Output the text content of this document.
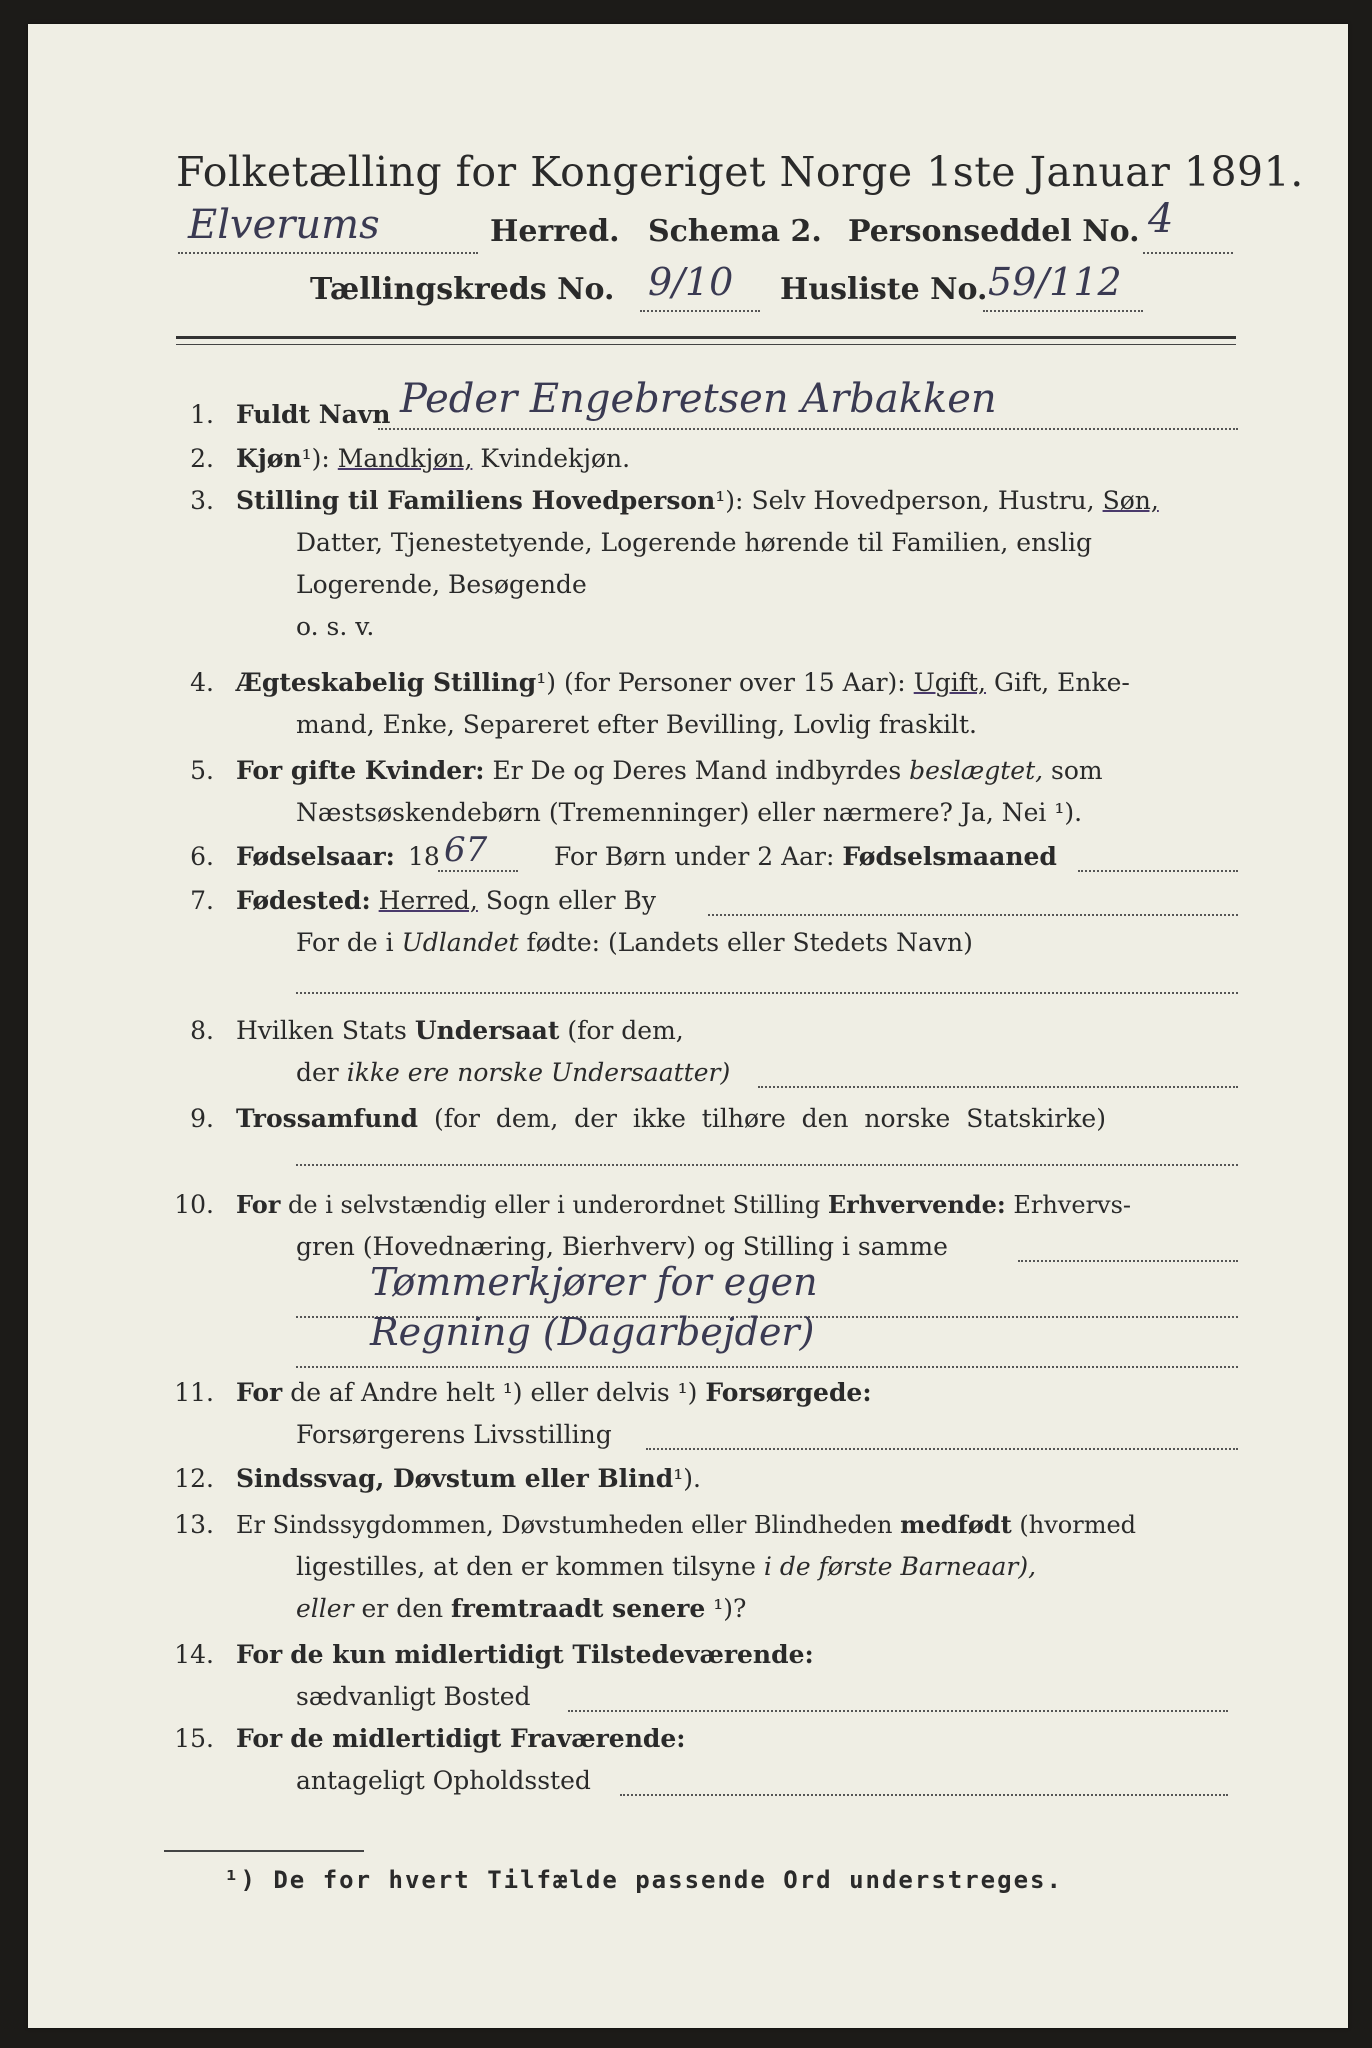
Folketælling for Kongeriget Norge 1ste Januar 1891.
Elverums	Herred. Schema 2. Personseddel No. 4
Tællingskreds No. 9/10 Husliste No. 59/112
1. Fuldt Navn Peder Engebretsen Arbakken
2. Kjøn¹): Mandkjøn, Kvindekjøn.
3. Stilling til Familiens Hovedperson¹): Selv Hovedperson, Hustru, Søn,
Datter, Tjenestetyende, Logerende hørende til Familien, enslig
Logerende, Besøgende
o. s. v.
4. Ægteskabelig Stilling¹) (for Personer over 15 Aar): Ugift, Gift, Enke-
mand, Enke, Separeret efter Bevilling, Lovlig fraskilt.
5. For gifte Kvinder: Er De og Deres Mand indbyrdes beslægtet, som
Næstsøskendebørn (Tremenninger) eller nærmere? Ja, Nei ¹).
6. Fødselsaar: 18 67	For Børn under 2 Aar: Fødselsmaaned
7. Fødested: Herred, Sogn eller By
For de i Udlandet fødte: (Landets eller Stedets Navn)
8. Hvilken Stats Undersaat (for dem,
der ikke ere norske Undersaatter)
9. Trossamfund (for  dem,  der  ikke  tilhøre  den  norske  Statskirke)
10. For de i selvstændig eller i underordnet Stilling Erhvervende: Erhvervs-
gren (Hovednæring, Bierhverv) og Stilling i samme
Tømmerkjører for egen
Regning (Dagarbejder)
11. For de af Andre helt ¹) eller delvis ¹) Forsørgede:
Forsørgerens Livsstilling
12. Sindssvag, Døvstum eller Blind¹).
13. Er Sindssygdommen, Døvstumheden eller Blindheden medfødt (hvormed
ligestilles, at den er kommen tilsyne i de første Barneaar),
eller er den fremtraadt senere ¹)?
14. For de kun midlertidigt Tilstedeværende:
sædvanligt Bosted
15. For de midlertidigt Fraværende:
antageligt Opholdssted
¹) De for hvert Tilfælde passende Ord understreges.
